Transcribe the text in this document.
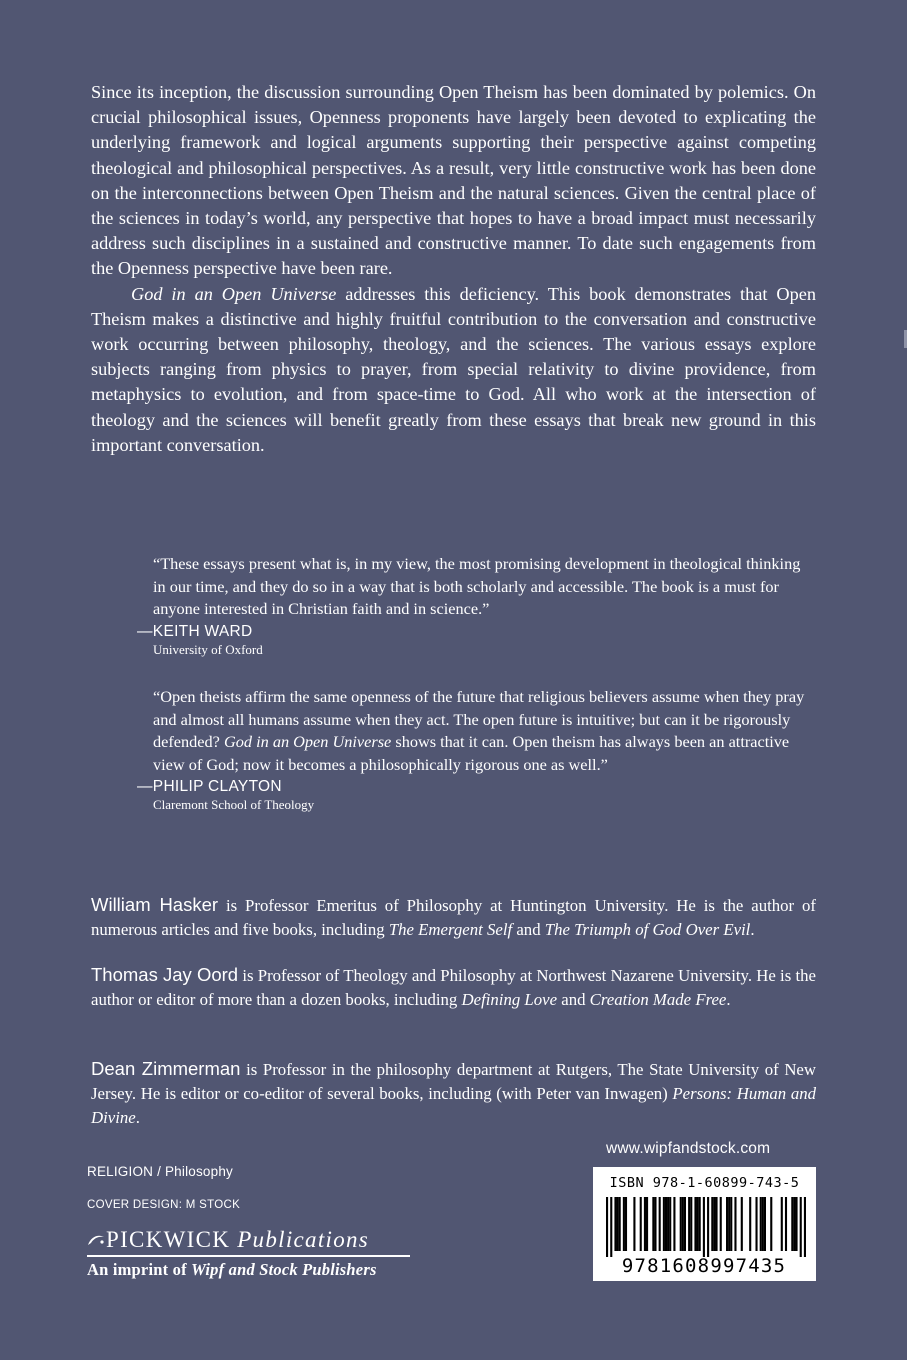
Since its inception, the discussion surrounding Open Theism has been dominated by polemics. On crucial philosophical issues, Openness proponents have largely been devoted to explicating the underlying framework and logical arguments supporting their perspective against competing theological and philosophical perspectives. As a result, very little constructive work has been done on the interconnections between Open Theism and the natural sciences. Given the central place of the sciences in today’s world, any perspective that hopes to have a broad impact must necessarily address such disciplines in a sustained and constructive manner. To date such engagements from the Openness perspective have been rare.

God in an Open Universe addresses this deficiency. This book demonstrates that Open Theism makes a distinctive and highly fruitful contribution to the conversation and constructive work occurring between philosophy, theology, and the sciences. The various essays explore subjects ranging from physics to prayer, from special relativity to divine providence, from metaphysics to evolution, and from space-time to God. All who work at the intersection of theology and the sciences will benefit greatly from these essays that break new ground in this important conversation.

“These essays present what is, in my view, the most promising development in theological thinking in our time, and they do so in a way that is both scholarly and accessible. The book is a must for anyone interested in Christian faith and in science.”

—KEITH WARD
University of Oxford

“Open theists affirm the same openness of the future that religious believers assume when they pray and almost all humans assume when they act. The open future is intuitive; but can it be rigorously defended? God in an Open Universe shows that it can. Open theism has always been an attractive view of God; now it becomes a philosophically rigorous one as well.”

—PHILIP CLAYTON
Claremont School of Theology

William Hasker is Professor Emeritus of Philosophy at Huntington University. He is the author of numerous articles and five books, including The Emergent Self and The Triumph of God Over Evil.

Thomas Jay Oord is Professor of Theology and Philosophy at Northwest Nazarene University. He is the author or editor of more than a dozen books, including Defining Love and Creation Made Free.

Dean Zimmerman is Professor in the philosophy department at Rutgers, The State University of New Jersey. He is editor or co-editor of several books, including (with Peter van Inwagen) Persons: Human and Divine.

www.wipfandstock.com
ISBN 978-1-60899-743-5
9781608997435
RELIGION / Philosophy
COVER DESIGN: M STOCK
PICKWICK
Publications
An imprint of Wipf and Stock Publishers
